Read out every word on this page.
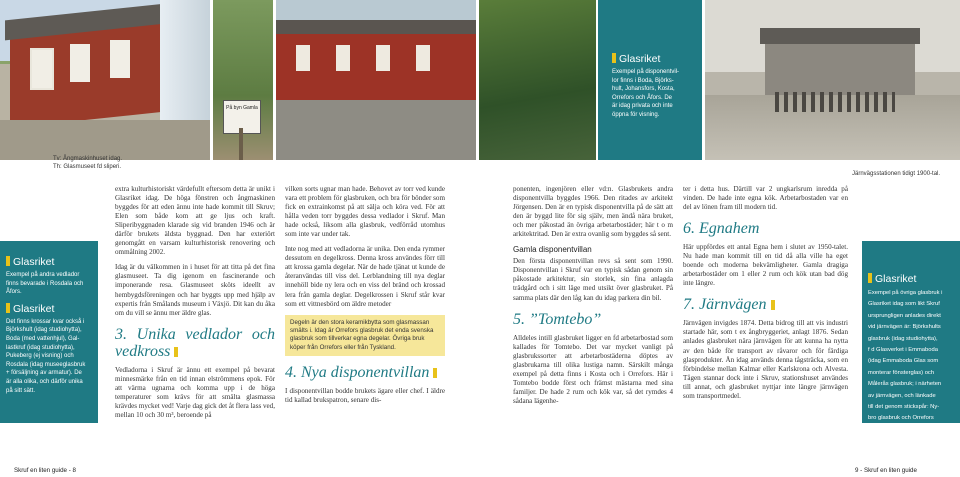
På byn Gamla
Glasriket
Exempel på disponentvil-
lor finns i Boda, Björks-
hult, Johansfors, Kosta,
Orrefors och Åfors. De
är idag privata och inte
öppna för visning.
Tv: Ångmaskinhuset idag.
Th: Glasmuseet fd sliperi.
Järnvägsstationen tidigt 1900-tal.
Glasriket
Exempel på andra vedlador
finns bevarade i Rosdala och
Åfors.
Glasriket
Det finns krossar kvar också i
Björkshult (idag studiohytta),
Boda (med vattenhjul), Gal-
lastkruf (idag studiohytta),
Pukeberg (ej visning) och
Rosdala (idag museeglasbruk
+ försäljning av armatur). De
är alla olika, och därför unika
på sitt sätt.
Glasriket
Exempel på övriga glasbruk i
Glasriket idag som likt Skruf
ursprungligen anlades direkt
vid järnvägen är: Björkshults
glasbruk (idag studiohytta),
f d Glasverket i Emmaboda
(idag Emmaboda Glas som
monterar fönsterglas) och
Målerås glasbruk; i närheten
av järnvägen, och länkade
till det genom stickspår: Ny-
bro glasbruk och Orrefors
glasbruk.

extra kulturhistoriskt värdefullt eftersom detta är unikt i Glasriket idag. De höga fönstren och ångmaskinen byggdes för att eden ännu inte hade kommit till Skruv; Elen som både kom att ge ljus och kraft. Sliperibyggnaden klarade sig vid branden 1946 och är därför brukets äldsta byggnad. Den har exteriört genomgått en varsam kulturhistorisk renovering och ommålning 2002.

Idag är du välkommen in i huset för att titta på det fina glasmuseet. Ta dig igenom en fascinerande och imponerande resa. Glasmuseet sköts ideellt av hembygdsföreningen och har byggts upp med hjälp av expertis från Smålands museum i Växjö. Dit kan du åka om du vill se ännu mer äldre glas.

3. Unika vedlador och vedkross

Vedladorna i Skruf är ännu ett exempel på bevarat minnesmärke från en tid innan elströmmens epok. För att värma ugnarna och komma upp i de höga temperaturer som krävs för att smälta glasmassa krävdes mycket ved! Varje dag gick det åt flera lass ved, mellan 10 och 30 m³, beroende på

vilken sorts ugnar man hade. Behovet av torr ved kunde vara ett problem för glasbruken, och bra för bönder som fick en extrainkomst på att sälja och köra ved. För att hålla veden torr byggdes dessa vedlador i Skruf. Man hade också, liksom alla glasbruk, vedförråd utomhus som inte var under tak.

Inte nog med att vedladorna är unika. Den enda rymmer dessutom en degelkross. Denna kross användes förr till att krossa gamla degelar. När de hade tjänat ut kunde de återanvändas till viss del. Lerblandning till nya deglar innehöll bide ny lera och en viss del bränd och krossad lera från gamla deglar. Degelkrossen i Skruf står kvar som ett vittnesbörd om äldre metoder

Degeln är den stora keramikbytta som glasmassan smälts i. Idag är Orrefors glasbruk det enda svenska glasbruk som tillverkar egna degelar. Övriga bruk köper från Orrefors eller från Tyskland.
4. Nya disponentvillan

I disponentvillan bodde brukets ägare eller chef. I äldre tid kallad brukspatron, senare dis-

ponenten, ingenjören eller vd:n. Glasbrukets andra disponentvilla byggdes 1966. Den ritades av arkitekt Jörgensen. Den är en typisk disponentvilla på de sätt att den är byggd lite för sig själv, men ändå nära bruket, och mer påkostad än övriga arbetarbostäder; här t o m arkitektritad. Den är extra ovanlig som byggdes så sent.

Gamla disponentvillan

Den första disponentvillan revs så sent som 1990. Disponentvillan i Skruf var en typisk sådan genom sin påkostade arkitektur, sin storlek, sin fina anlagda trädgård och i sitt läge med utsikt över glasbruket. På samma plats där den låg kan du idag parkera din bil.

5. ”Tomtebo”

Alldeles intill glasbruket ligger en fd arbetarbostad som kallades för Tomtebo. Det var mycket vanligt på glasbrukssorter att arbetarbostäderna döptes av glasbrukarna till olika lustiga namn. Särskilt många exempel på detta finns i Kosta och i Orrefors. Här i Tomtebo bodde först och främst mästarna med sina familjer. De hade 2 rum och kök var, så det rymdes 4 sådana lägenhe-

ter i detta hus. Därtill var 2 ungkarlsrum inredda på vinden. De hade inte egna kök. Arbetarbostaden var en del av lönen fram till modern tid.

6. Egnahem

Här uppfördes ett antal Egna hem i slutet av 1950-talet. Nu hade man kommit till en tid då alla ville ha eget boende och moderna bekvämligheter. Gamla dragiga arbetarbostäder om 1 eller 2 rum och kök utan bad dög inte längre.

7. Järnvägen

Järnvägen invigdes 1874. Detta bidrog till att vis industri startade här, som t ex ångbryggeriet, anlagt 1876. Sedan anlades glasbruket nära järnvägen för att kunna ha nytta av den både för transport av råvaror och för färdiga glasprodukter. Än idag används denna tågsträcka, som en förbindelse mellan Kalmar eller Karlskrona och Alvesta. Tågen stannar dock inte i Skruv, stationshuset användes till annat, och glasbruket nyttjar inte längre järnvägen som transportmedel.

Skruf en liten guide - 8	9 - Skruf en liten guide
